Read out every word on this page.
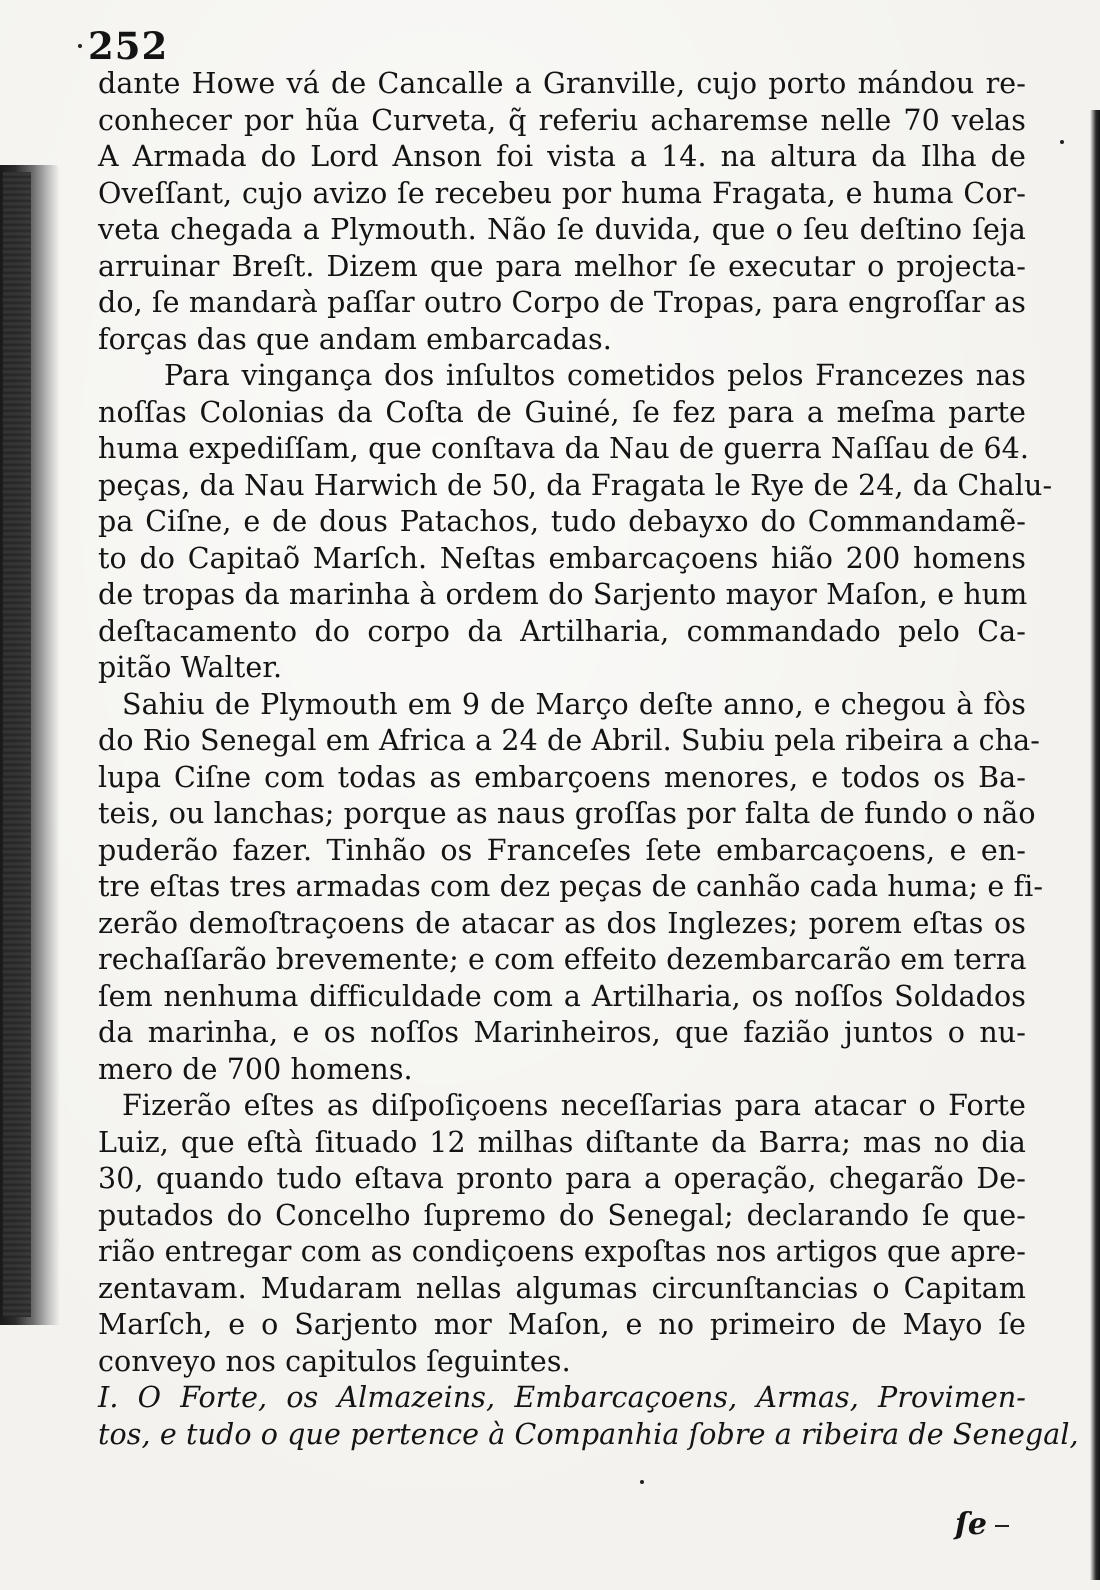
252
dante Howe vá de Cancalle a Granville, cujo porto mándou re-
conhecer por hũa Curveta, q̃ referiu acharemse nelle 70 velas
A Armada do Lord Anson foi vista a 14. na altura da Ilha de
Oveſſant, cujo avizo ſe recebeu por huma Fragata, e huma Cor-
veta chegada a Plymouth. Não ſe duvida, que o ſeu deſtino ſeja
arruinar Breſt. Dizem que para melhor ſe executar o projecta-
do, ſe mandarà paſſar outro Corpo de Tropas, para engroſſar as
forças das que andam embarcadas.
Para vingança dos inſultos cometidos pelos Francezes nas
noſſas Colonias da Coſta de Guiné, ſe fez para a meſma parte
huma expediſſam, que conſtava da Nau de guerra Naſſau de 64.
peças, da Nau Harwich de 50, da Fragata le Rye de 24, da Chalu-
pa Ciſne, e de dous Patachos, tudo debayxo do Commandamẽ-
to do Capitaõ Marſch. Neſtas embarcaçoens hião 200 homens
de tropas da marinha à ordem do Sarjento mayor Maſon, e hum
deſtacamento do corpo da Artilharia, commandado pelo Ca-
pitão Walter.
Sahiu de Plymouth em 9 de Março deſte anno, e chegou à fòs
do Rio Senegal em Africa a 24 de Abril. Subiu pela ribeira a cha-
lupa Ciſne com todas as embarçoens menores, e todos os Ba-
teis, ou lanchas; porque as naus groſſas por falta de fundo o não
puderão fazer. Tinhão os Franceſes ſete embarcaçoens, e en-
tre eſtas tres armadas com dez peças de canhão cada huma; e fi-
zerão demoſtraçoens de atacar as dos Inglezes; porem eſtas os
rechaſſarão brevemente; e com effeito dezembarcarão em terra
ſem nenhuma difficuldade com a Artilharia, os noſſos Soldados
da marinha, e os noſſos Marinheiros, que fazião juntos o nu-
mero de 700 homens.
Fizerão eſtes as diſpoſiçoens neceſſarias para atacar o Forte
Luiz, que eſtà ſituado 12 milhas diſtante da Barra; mas no dia
30, quando tudo eſtava pronto para a operação, chegarão De-
putados do Concelho ſupremo do Senegal; declarando ſe que-
rião entregar com as condiçoens expoſtas nos artigos que apre-
zentavam. Mudaram nellas algumas circunſtancias o Capitam
Marſch, e o Sarjento mor Maſon, e no primeiro de Mayo ſe
conveyo nos capitulos ſeguintes.
I. O Forte, os Almazeins, Embarcaçoens, Armas, Provimen-
tos, e tudo o que pertence à Companhia ſobre a ribeira de Senegal,
ſe
